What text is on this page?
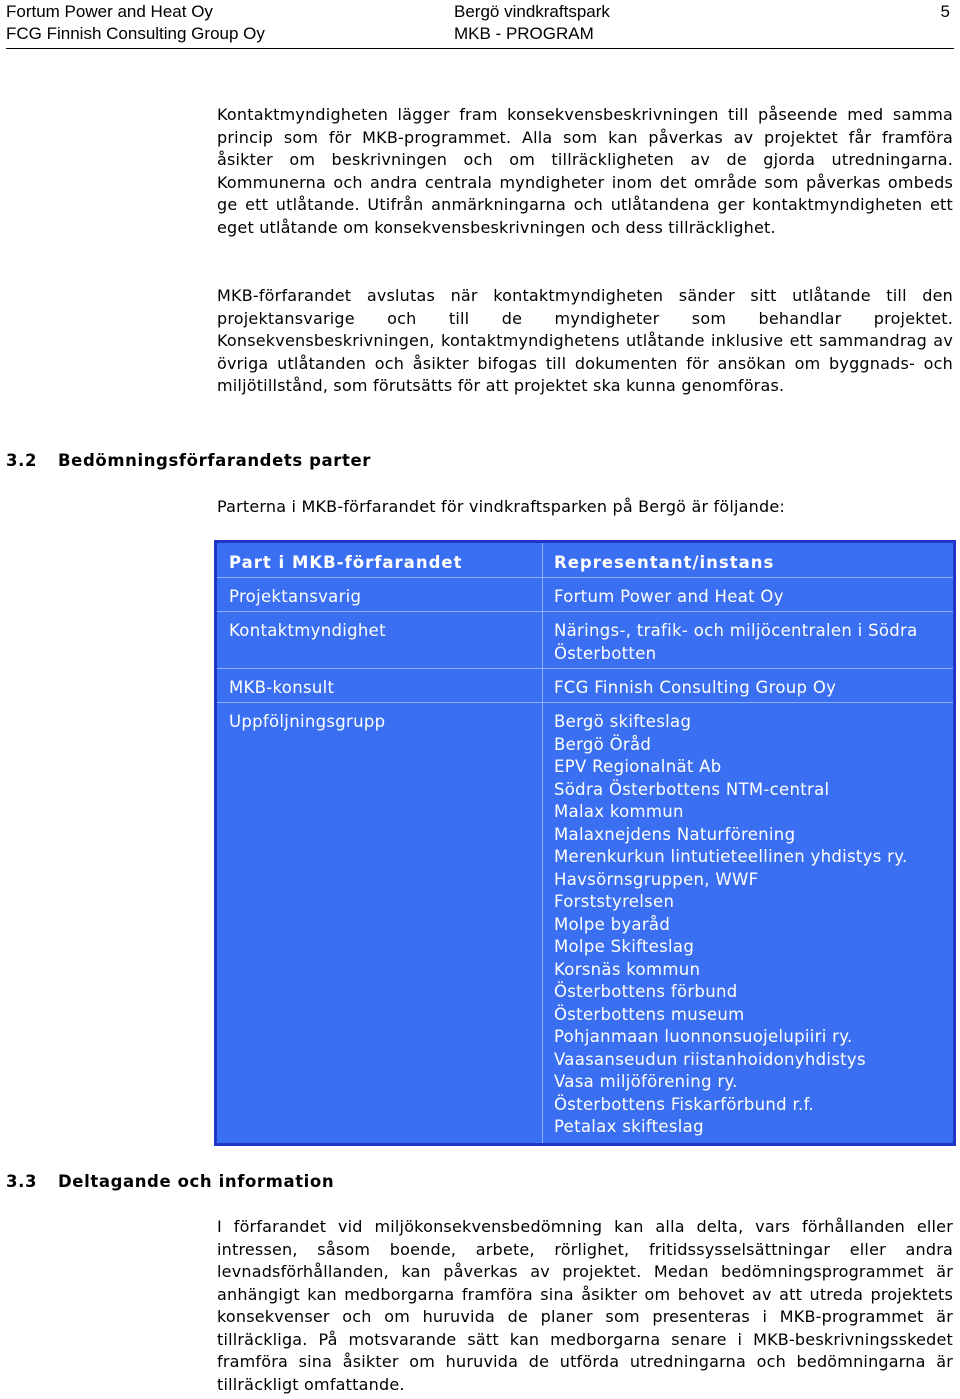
Fortum Power and Heat Oy
FCG Finnish Consulting Group Oy
Bergö vindkraftspark
MKB - PROGRAM
5

Kontaktmyndigheten lägger fram konsekvensbeskrivningen till påseende med samma princip som för MKB-programmet. Alla som kan påverkas av projektet får framföra åsikter om beskrivningen och om tillräckligheten av de gjorda utredningarna. Kommunerna och andra centrala myndigheter inom det område som påverkas ombeds ge ett utlåtande. Utifrån anmärkningarna och utlåtandena ger kontaktmyndigheten ett eget utlåtande om konsekvensbeskrivningen och dess tillräcklighet.

MKB-förfarandet avslutas när kontaktmyndigheten sänder sitt utlåtande till den projektansvarige och till de myndigheter som behandlar projektet. Konsekvensbeskrivningen, kontaktmyndighetens utlåtande inklusive ett sammandrag av övriga utlåtanden och åsikter bifogas till dokumenten för ansökan om byggnads- och miljötillstånd, som förutsätts för att projektet ska kunna genomföras.

3.2 Bedömningsförfarandets parter

Parterna i MKB-förfarandet för vindkraftsparken på Bergö är följande:

Part i MKB-förfarandet	Representant/instans
Projektansvarig	Fortum Power and Heat Oy
Kontaktmyndighet	Närings-, trafik- och miljöcentralen i Södra Österbotten
MKB-konsult	FCG Finnish Consulting Group Oy
Uppföljningsgrupp	Bergö skifteslag
Bergö Öråd
EPV Regionalnät Ab
Södra Österbottens NTM-central
Malax kommun
Malaxnejdens Naturförening
Merenkurkun lintutieteellinen yhdistys ry.
Havsörnsgruppen, WWF
Forststyrelsen
Molpe byaråd
Molpe Skifteslag
Korsnäs kommun
Österbottens förbund
Österbottens museum
Pohjanmaan luonnonsuojelupiiri ry.
Vaasanseudun riistanhoidonyhdistys
Vasa miljöförening ry.
Österbottens Fiskarförbund r.f.
Petalax skifteslag
3.3 Deltagande och information

I förfarandet vid miljökonsekvensbedömning kan alla delta, vars förhållanden eller intressen, såsom boende, arbete, rörlighet, fritidssysselsättningar eller andra levnadsförhållanden, kan påverkas av projektet. Medan bedömningsprogrammet är anhängigt kan medborgarna framföra sina åsikter om behovet av att utreda projektets konsekvenser och om huruvida de planer som presenteras i MKB-programmet är tillräckliga. På motsvarande sätt kan medborgarna senare i MKB-beskrivningsskedet framföra sina åsikter om huruvida de utförda utredningarna och bedömningarna är tillräckligt omfattande.
